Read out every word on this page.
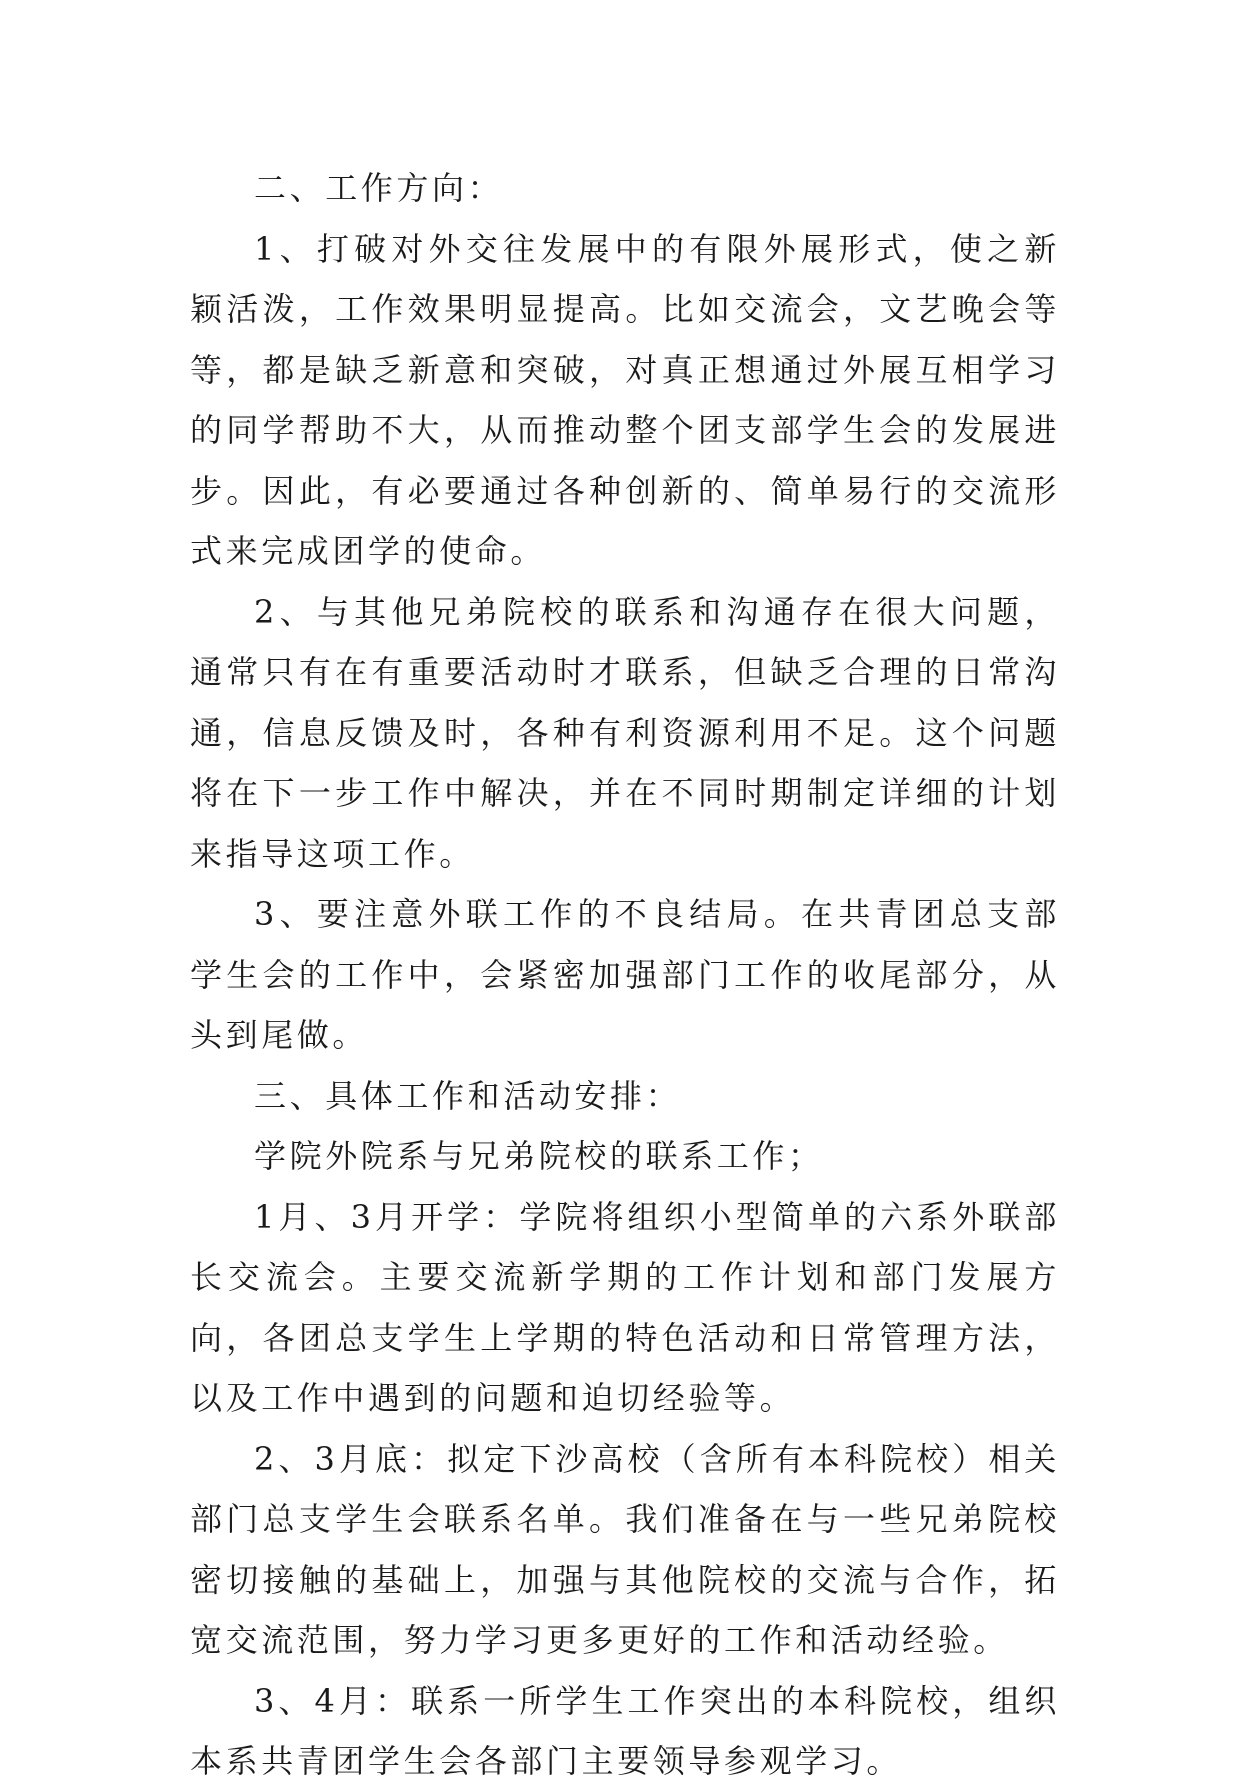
二、工作方向：

1、打破对外交往发展中的有限外展形式，使之新颖活泼，工作效果明显提高。比如交流会，文艺晚会等等，都是缺乏新意和突破，对真正想通过外展互相学习的同学帮助不大，从而推动整个团支部学生会的发展进步。因此，有必要通过各种创新的、简单易行的交流形式来完成团学的使命。

2、与其他兄弟院校的联系和沟通存在很大问题，通常只有在有重要活动时才联系，但缺乏合理的日常沟通，信息反馈及时，各种有利资源利用不足。这个问题将在下一步工作中解决，并在不同时期制定详细的计划来指导这项工作。

3、要注意外联工作的不良结局。在共青团总支部学生会的工作中，会紧密加强部门工作的收尾部分，从头到尾做。

三、具体工作和活动安排：

学院外院系与兄弟院校的联系工作；

1月、3月开学：学院将组织小型简单的六系外联部长交流会。主要交流新学期的工作计划和部门发展方向，各团总支学生上学期的特色活动和日常管理方法，以及工作中遇到的问题和迫切经验等。

2、3月底：拟定下沙高校（含所有本科院校）相关部门总支学生会联系名单。我们准备在与一些兄弟院校密切接触的基础上，加强与其他院校的交流与合作，拓宽交流范围，努力学习更多更好的工作和活动经验。

3、4月：联系一所学生工作突出的本科院校，组织本系共青团学生会各部门主要领导参观学习。
